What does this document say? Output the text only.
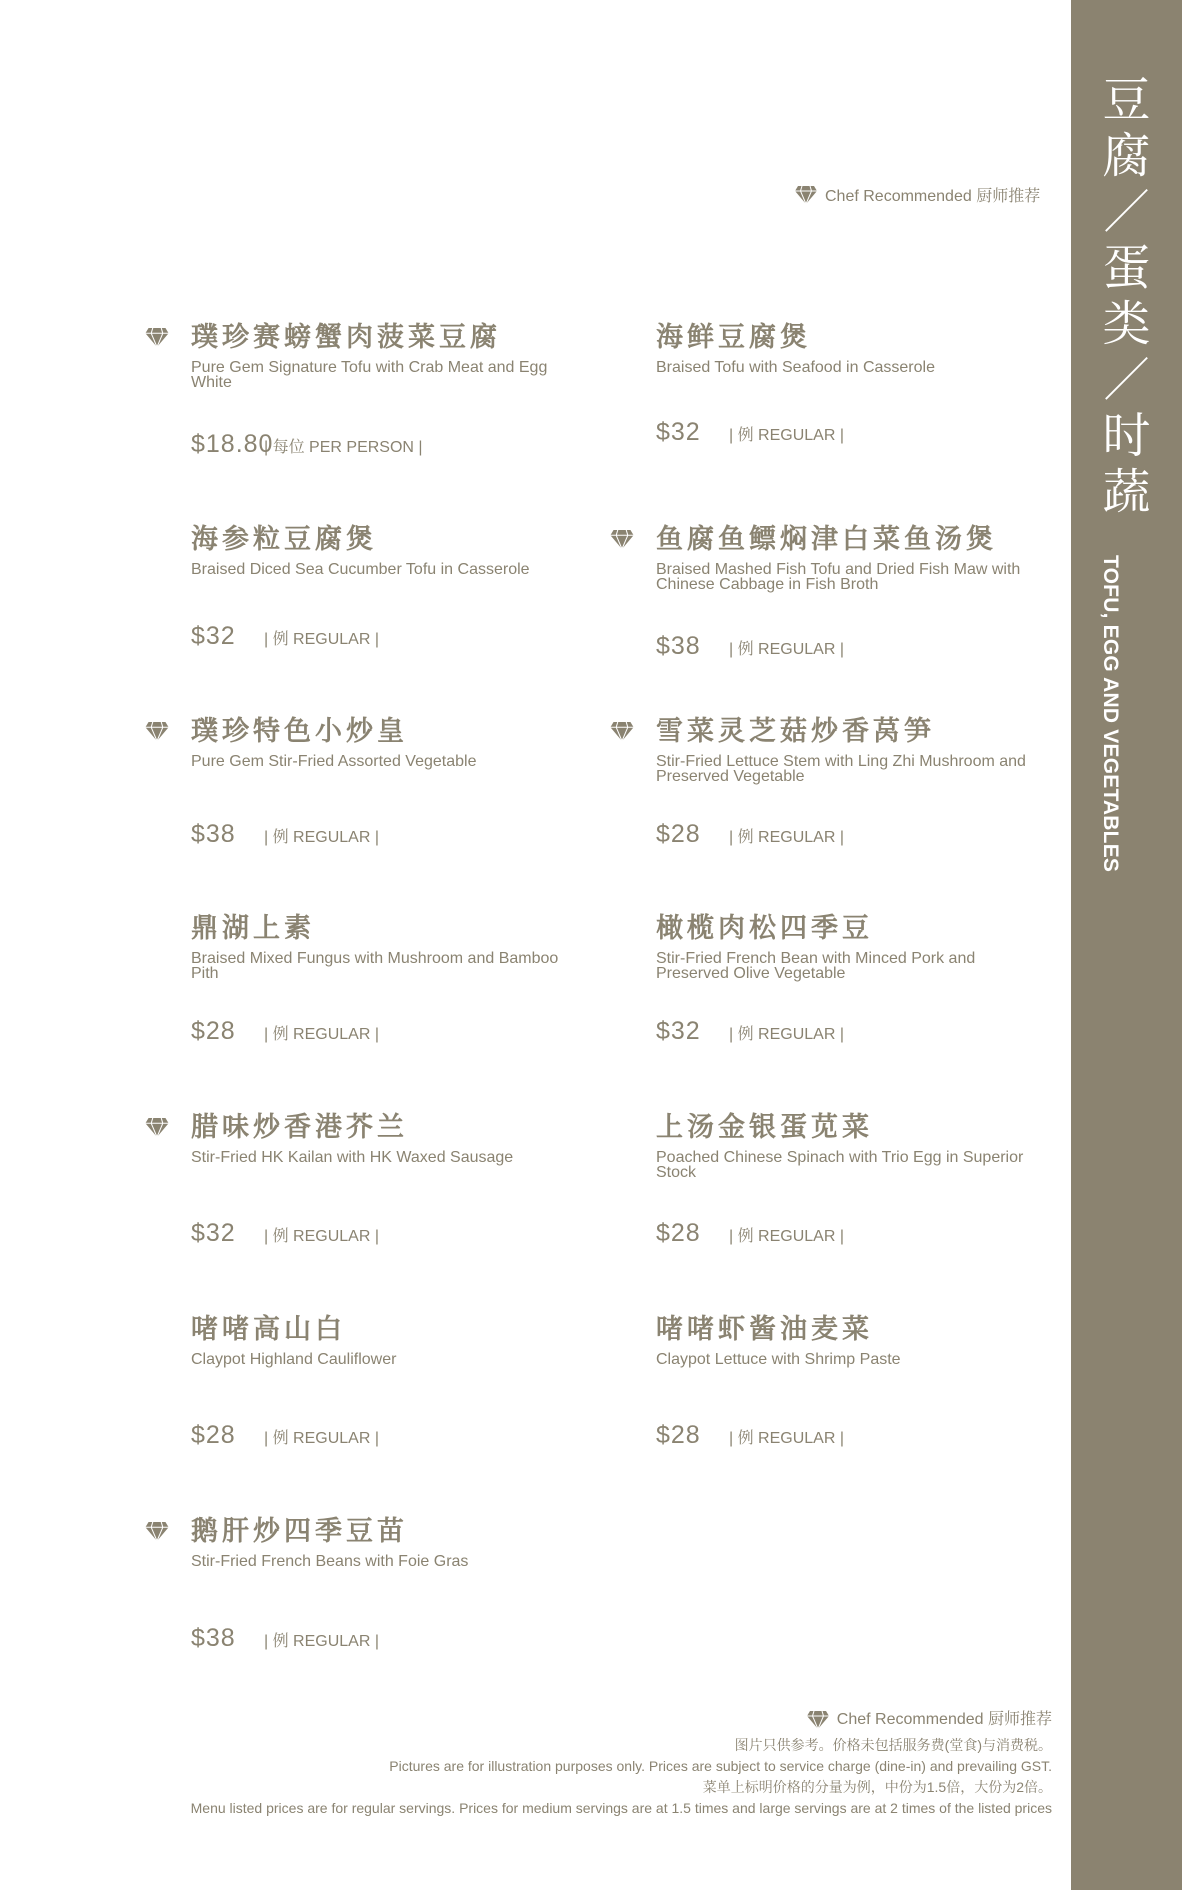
豆
腐
／
蛋
类
／
时
蔬
TOFU, EGG AND VEGETABLES
Chef Recommended 厨师推荐
璞珍赛螃蟹肉菠菜豆腐
Pure Gem Signature Tofu with Crab Meat and Egg White
$18.80
| 每位 PER PERSON |
海鲜豆腐煲
Braised Tofu with Seafood in Casserole
$32	| 例 REGULAR |
海参粒豆腐煲
Braised Diced Sea Cucumber Tofu in Casserole
$32	| 例 REGULAR |
鱼腐鱼鳔焖津白菜鱼汤煲
Braised Mashed Fish Tofu and Dried Fish Maw with Chinese Cabbage in Fish Broth
$38	| 例 REGULAR |
璞珍特色小炒皇
Pure Gem Stir-Fried Assorted Vegetable
$38	| 例 REGULAR |
雪菜灵芝菇炒香莴笋
Stir-Fried Lettuce Stem with Ling Zhi Mushroom and Preserved Vegetable
$28	| 例 REGULAR |
鼎湖上素
Braised Mixed Fungus with Mushroom and Bamboo Pith
$28	| 例 REGULAR |
橄榄肉松四季豆
Stir-Fried French Bean with Minced Pork and Preserved Olive Vegetable
$32	| 例 REGULAR |
腊味炒香港芥兰
Stir-Fried HK Kailan with HK Waxed Sausage
$32	| 例 REGULAR |
上汤金银蛋苋菜
Poached Chinese Spinach with Trio Egg in Superior Stock
$28	| 例 REGULAR |
啫啫高山白
Claypot Highland Cauliflower
$28	| 例 REGULAR |
啫啫虾酱油麦菜
Claypot Lettuce with Shrimp Paste
$28	| 例 REGULAR |
鹅肝炒四季豆苗
Stir-Fried French Beans with Foie Gras
$38	| 例 REGULAR |
Chef Recommended 厨师推荐
图片只供参考。价格未包括服务费(堂食)与消费税。
Pictures are for illustration purposes only. Prices are subject to service charge (dine-in) and prevailing GST.
菜单上标明价格的分量为例，中份为1.5倍，大份为2倍。
Menu listed prices are for regular servings. Prices for medium servings are at 1.5 times and large servings are at 2 times of the listed prices
